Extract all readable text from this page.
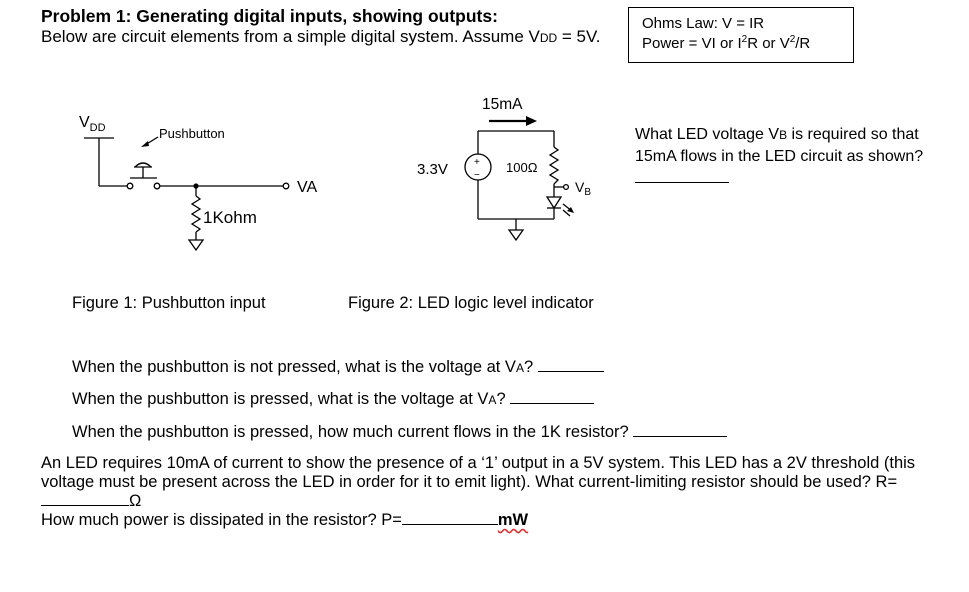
Problem 1: Generating digital inputs, showing outputs:
Below are circuit elements from a simple digital system. Assume VDD = 5V.
Ohms Law: V = IR
Power = VI or $I^2R$ or $V^2/R$
$V_{DD}$	Pushbutton
VA
1Kohm
15mA
3.3V	+
−
100Ω
$V_B$
What LED voltage VB is required so that
15mA flows in the LED circuit as shown?
Figure 1: Pushbutton input	Figure 2: LED logic level indicator
When the pushbutton is not pressed, what is the voltage at VA?
When the pushbutton is pressed, what is the voltage at VA?
When the pushbutton is pressed, how much current flows in the 1K resistor?
An LED requires 10mA of current to show the presence of a ‘1’ output in a 5V system. This LED has a 2V threshold (this voltage must be present across the LED in order for it to emit light). What current-limiting resistor should be used? R=Ω
How much power is dissipated in the resistor? P=	mW
